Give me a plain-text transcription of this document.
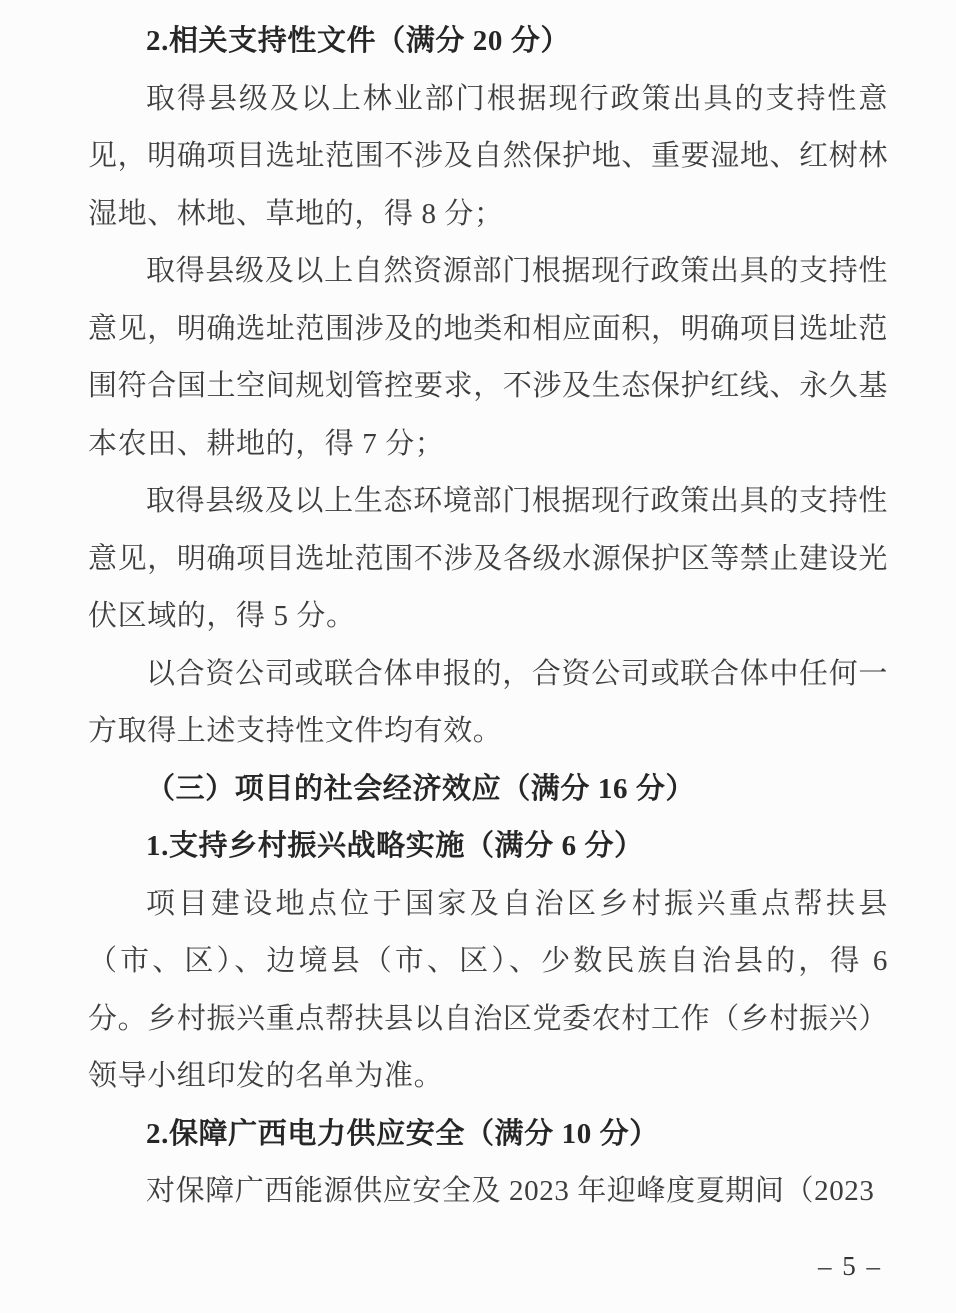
2.相关支持性文件（满分 20 分）

取得县级及以上林业部门根据现行政策出具的支持性意见，明确项目选址范围不涉及自然保护地、重要湿地、红树林湿地、林地、草地的，得 8 分；

取得县级及以上自然资源部门根据现行政策出具的支持性意见，明确选址范围涉及的地类和相应面积，明确项目选址范围符合国土空间规划管控要求，不涉及生态保护红线、永久基本农田、耕地的，得 7 分；

取得县级及以上生态环境部门根据现行政策出具的支持性意见，明确项目选址范围不涉及各级水源保护区等禁止建设光伏区域的，得 5 分。

以合资公司或联合体申报的，合资公司或联合体中任何一方取得上述支持性文件均有效。

（三）项目的社会经济效应（满分 16 分）

1.支持乡村振兴战略实施（满分 6 分）

项目建设地点位于国家及自治区乡村振兴重点帮扶县（市、区）、边境县（市、区）、少数民族自治县的，得 6 分。乡村振兴重点帮扶县以自治区党委农村工作（乡村振兴）领导小组印发的名单为准。

2.保障广西电力供应安全（满分 10 分）

对保障广西能源供应安全及 2023 年迎峰度夏期间（2023

– 5 –
